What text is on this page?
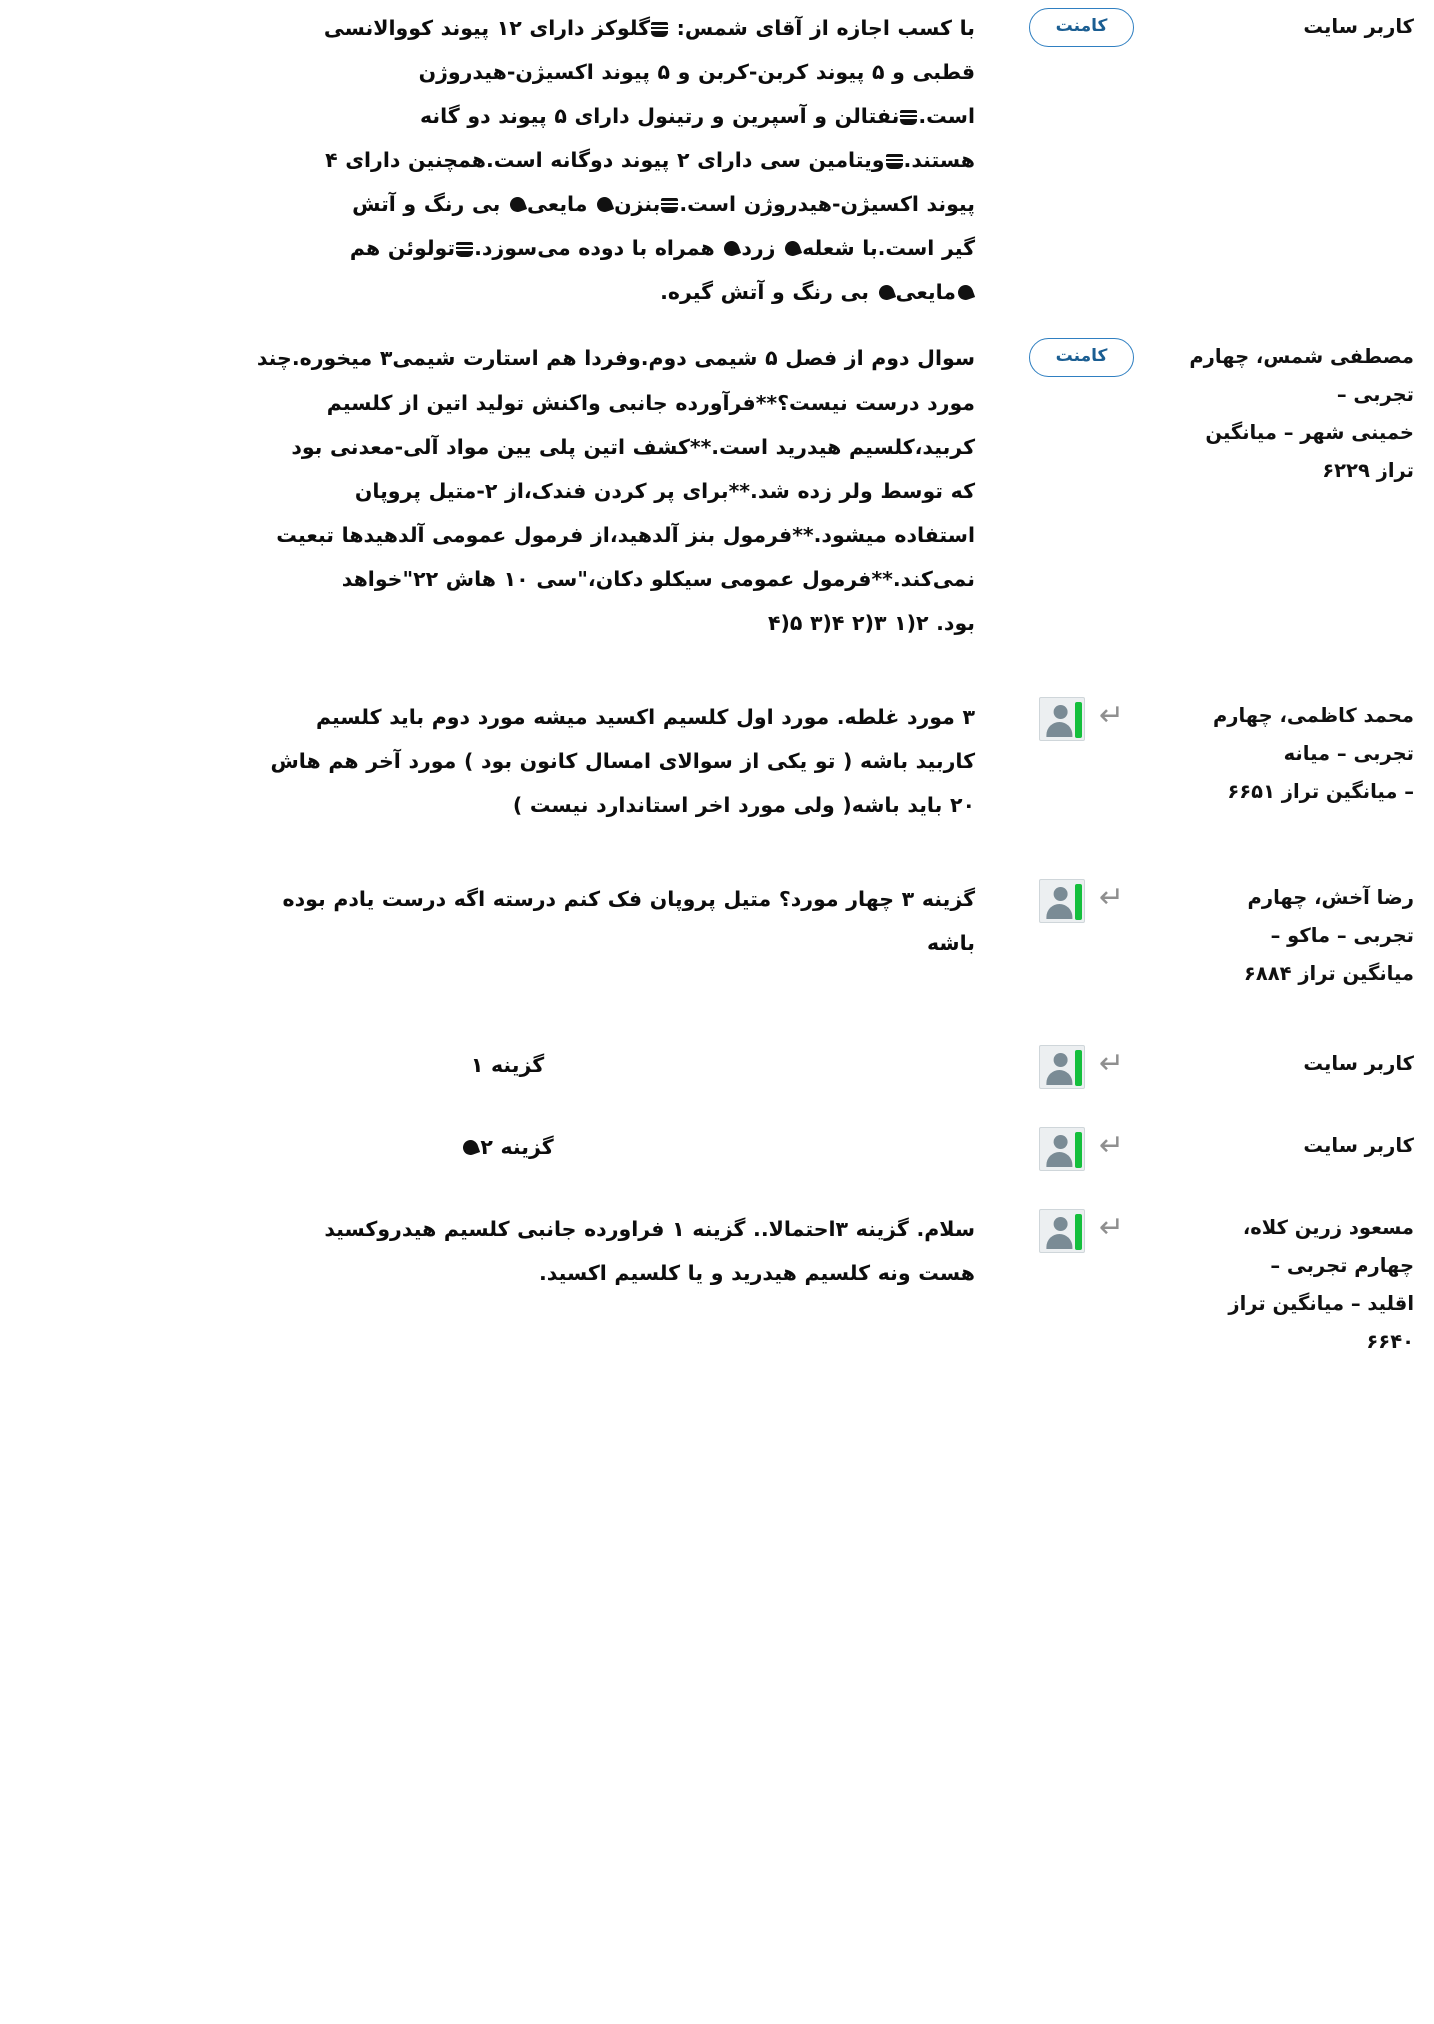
کاربر سایت
کامنت
با کسب اجازه از آقای شمس: گلوکز دارای ۱۲ پیوند کووالانسی
قطبی و ۵ پیوند کربن-کربن و ۵ پیوند اکسیژن-هیدروژن
است.نفتالن و آسپرین و رتینول دارای ۵ پیوند دو گانه
هستند.ویتامین سی دارای ۲ پیوند دوگانه است.همچنین دارای ۴
پیوند اکسیژن-هیدروژن است.بنزن مایعی بی رنگ و آتش
گیر است.با شعله زرد همراه با دوده می‌سوزد.تولوئن هم
مایعی بی رنگ و آتش گیره.
مصطفی شمس، چهارم تجربی –
خمینی شهر – میانگین تراز ۶۲۲۹
کامنت
سوال دوم از فصل ۵ شیمی دوم.وفردا هم استارت شیمی۳ میخوره.چند
مورد درست نیست؟**فرآورده جانبی واکنش تولید اتین از کلسیم
کربید،کلسیم هیدرید است.**کشف اتین پلی یین مواد آلی-معدنی بود
که توسط ولر زده شد.**برای پر کردن فندک،از ۲-متیل پروپان
استفاده میشود.**فرمول بنز آلدهید،از فرمول عمومی آلدهیدها تبعیت
نمی‌کند.**فرمول عمومی سیکلو دکان،"سی ۱۰ هاش ۲۲"خواهد
بود. ۲(۱ ۳(۲ ۴(۳ ۵(۴
محمد کاظمی، چهارم تجربی – میانه
– میانگین تراز ۶۶۵۱
↵
۳ مورد غلطه. مورد اول کلسیم اکسید میشه مورد دوم باید کلسیم
کاربید باشه ( تو یکی از سوالای امسال کانون بود ) مورد آخر هم هاش
۲۰ باید باشه( ولی مورد اخر استاندارد نیست )
رضا آخش، چهارم تجربی – ماکو –
میانگین تراز ۶۸۸۴
↵
گزینه ۳ چهار مورد؟ متیل پروپان فک کنم درسته اگه درست یادم بوده
باشه
کاربر سایت
↵
گزینه ۱
کاربر سایت
↵
گزینه ۲
مسعود زرین کلاه، چهارم تجربی –
اقلید – میانگین تراز ۶۶۴۰
↵
سلام. گزینه ۳احتمالا.. گزینه ۱ فراورده جانبی کلسیم هیدروکسید
هست ونه کلسیم هیدرید و یا کلسیم اکسید.
